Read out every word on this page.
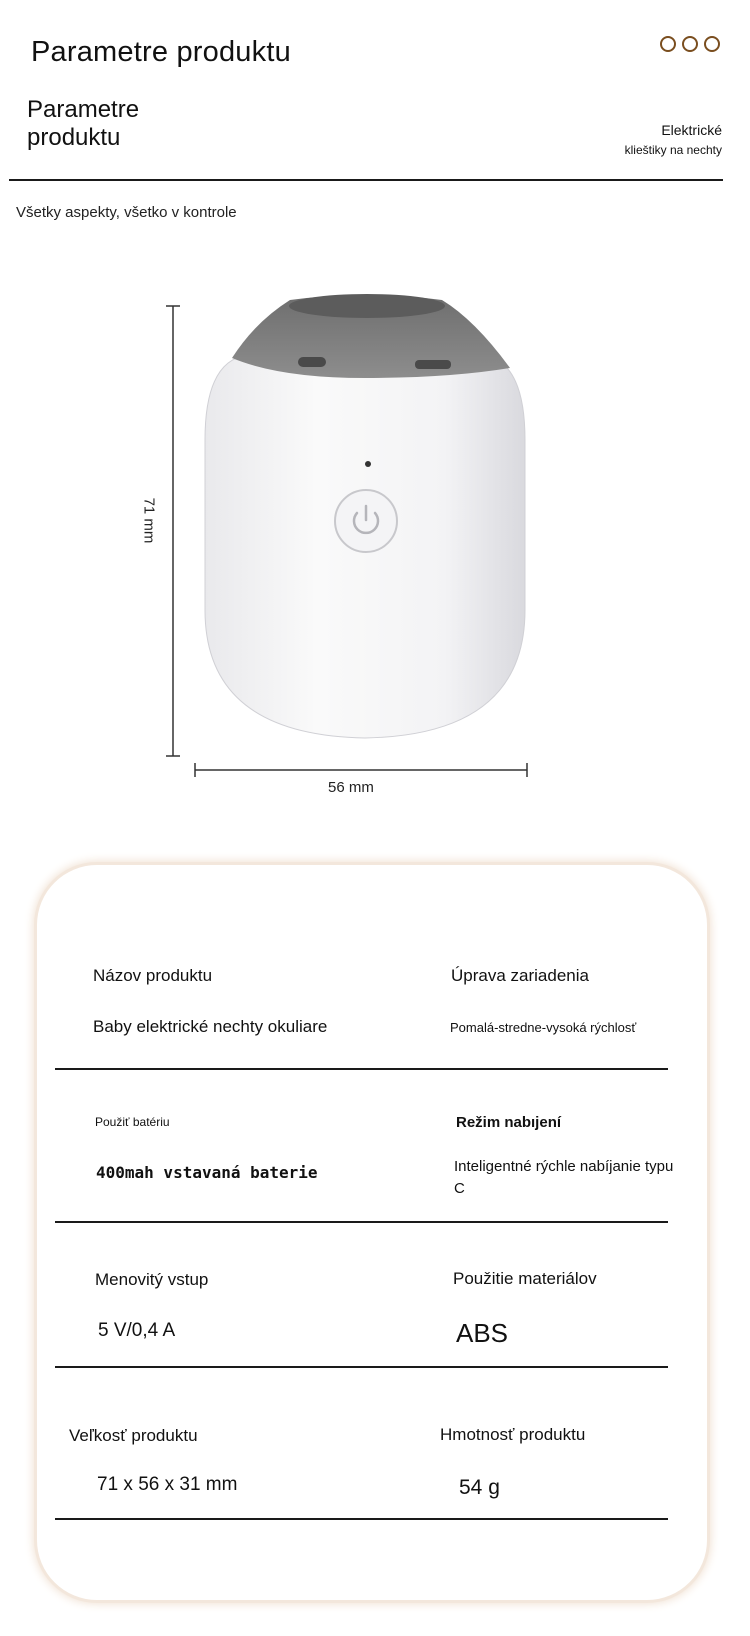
Parametre produktu
Parametre
produktu	Elektrické
klieštiky na nechty
Všetky aspekty, všetko v kontrole
71 mm
56 mm
Názov produktu
Baby elektrické nechty okuliare
Úprava zariadenia
Pomalá-stredne-vysoká rýchlosť
Použiť batériu
400mah vstavaná baterie
Režim nabıjení
Inteligentné rýchle nabíjanie typu
C
Menovitý vstup
5 V/0,4 A
Použitie materiálov
ABS
Veľkosť produktu
71 x 56 x 31 mm
Hmotnosť produktu
54 g
